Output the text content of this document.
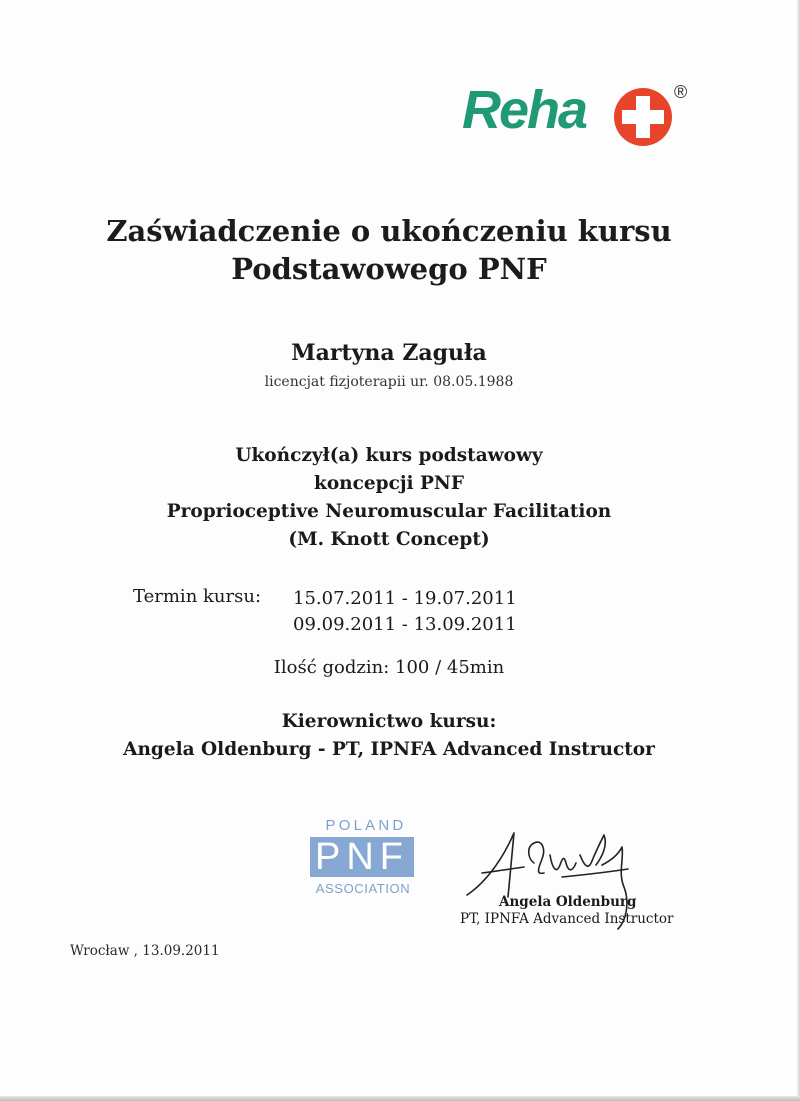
Reha	®
Zaświadczenie o ukończeniu kursu
Podstawowego PNF
Martyna Zaguła
licencjat fizjoterapii ur. 08.05.1988
Ukończył(a) kurs podstawowy
koncepcji PNF
Proprioceptive Neuromuscular Facilitation
(M. Knott Concept)
Termin kursu: 15.07.2011 - 19.07.2011
09.09.2011 - 13.09.2011
Ilość godzin: 100 / 45min
Kierownictwo kursu:
Angela Oldenburg - PT, IPNFA Advanced Instructor
POLAND
PNF
ASSOCIATION
Angela Oldenburg
PT, IPNFA Advanced Instructor
Wrocław , 13.09.2011
